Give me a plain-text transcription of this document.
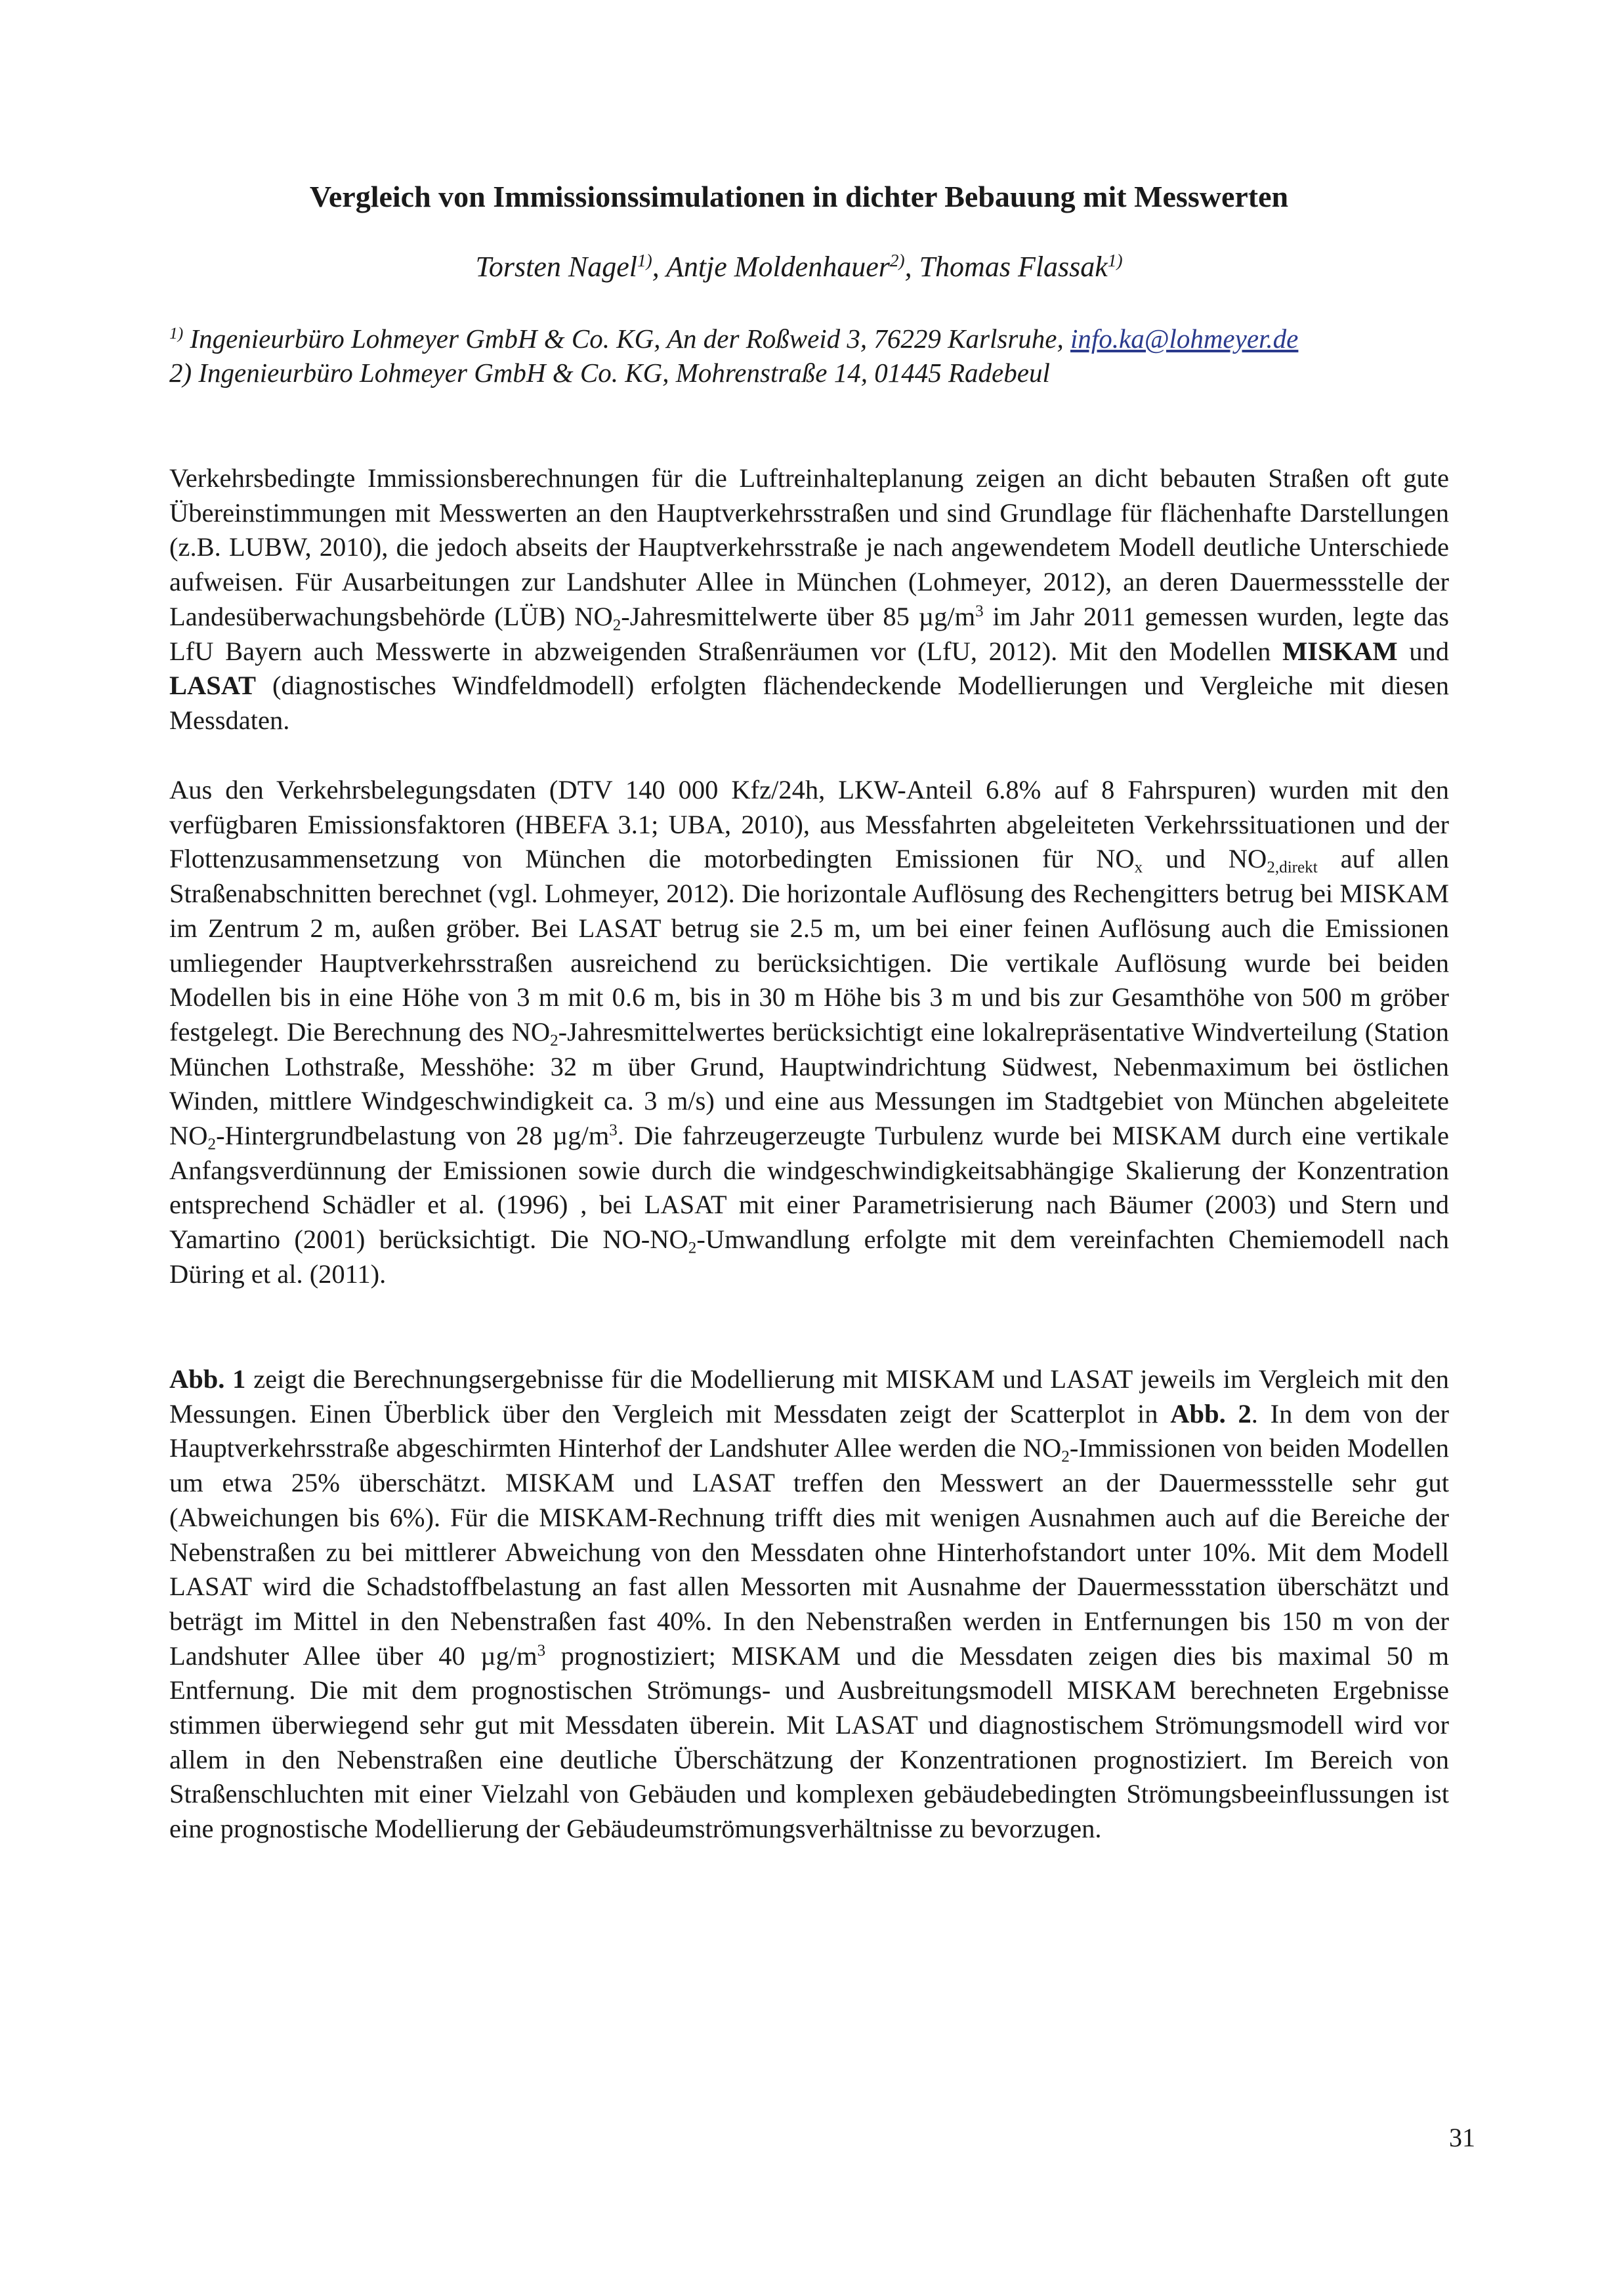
Vergleich von Immissionssimulationen in dichter Bebauung mit Messwerten
Torsten Nagel$^{1)}$, Antje Moldenhauer$^{2)}$, Thomas Flassak$^{1)}$
$^{1)}$ Ingenieurbüro Lohmeyer GmbH & Co. KG, An der Roßweid 3, 76229 Karlsruhe, info.ka@lohmeyer.de
2) Ingenieurbüro Lohmeyer GmbH & Co. KG, Mohrenstraße 14, 01445 Radebeul

Verkehrsbedingte Immissionsberechnungen für die Luftreinhalteplanung zeigen an dicht bebauten Straßen oft gute Übereinstimmungen mit Messwerten an den Hauptverkehrsstraßen und sind Grundlage für flächenhafte Darstellungen (z.B. LUBW, 2010), die jedoch abseits der Hauptverkehrsstraße je nach angewendetem Modell deutliche Unterschiede aufweisen. Für Ausarbeitungen zur Landshuter Allee in München (Lohmeyer, 2012), an deren Dauermessstelle der Landesüberwachungsbehörde (LÜB) $NO_2$-Jahresmittelwerte über 85 $\mu g/m^3$ im Jahr 2011 gemessen wurden, legte das LfU Bayern auch Messwerte in abzweigenden Straßenräumen vor (LfU, 2012). Mit den Modellen MISKAM und LASAT (diagnostisches Windfeldmodell) erfolgten flächendeckende Modellierungen und Vergleiche mit diesen Messdaten.

Aus den Verkehrsbelegungsdaten (DTV 140 000 Kfz/24h, LKW-Anteil 6.8% auf 8 Fahrspuren) wurden mit den verfügbaren Emissionsfaktoren (HBEFA 3.1; UBA, 2010), aus Messfahrten abgeleiteten Verkehrssituationen und der Flottenzusammensetzung von München die motorbedingten Emissionen für $NO_x$ und $NO_{2,direkt}$ auf allen Straßenabschnitten berechnet (vgl. Lohmeyer, 2012). Die horizontale Auflösung des Rechengitters betrug bei MISKAM im Zentrum 2 m, außen gröber. Bei LASAT betrug sie 2.5 m, um bei einer feinen Auflösung auch die Emissionen umliegender Hauptverkehrsstraßen ausreichend zu berücksichtigen. Die vertikale Auflösung wurde bei beiden Modellen bis in eine Höhe von 3 m mit 0.6 m, bis in 30 m Höhe bis 3 m und bis zur Gesamthöhe von 500 m gröber festgelegt. Die Berechnung des $NO_2$-Jahresmittelwertes berücksichtigt eine lokalrepräsentative Windverteilung (Station München Lothstraße, Messhöhe: 32 m über Grund, Hauptwindrichtung Südwest, Nebenmaximum bei östlichen Winden, mittlere Windgeschwindigkeit ca. 3 m/s) und eine aus Messungen im Stadtgebiet von München abgeleitete $NO_2$-Hintergrundbelastung von 28 $\mu g/m^3$. Die fahrzeugerzeugte Turbulenz wurde bei MISKAM durch eine vertikale Anfangsverdünnung der Emissionen sowie durch die windgeschwindigkeitsabhängige Skalierung der Konzentration entsprechend Schädler et al. (1996) , bei LASAT mit einer Parametrisierung nach Bäumer (2003) und Stern und Yamartino (2001) berücksichtigt. Die $NO-NO_2$-Umwandlung erfolgte mit dem vereinfachten Chemiemodell nach Düring et al. (2011).

Abb. 1 zeigt die Berechnungsergebnisse für die Modellierung mit MISKAM und LASAT jeweils im Vergleich mit den Messungen. Einen Überblick über den Vergleich mit Messdaten zeigt der Scatterplot in Abb. 2. In dem von der Hauptverkehrsstraße abgeschirmten Hinterhof der Landshuter Allee werden die $NO_2$-Immissionen von beiden Modellen um etwa 25% überschätzt. MISKAM und LASAT treffen den Messwert an der Dauermessstelle sehr gut (Abweichungen bis 6%). Für die MISKAM-Rechnung trifft dies mit wenigen Ausnahmen auch auf die Bereiche der Nebenstraßen zu bei mittlerer Abweichung von den Messdaten ohne Hinterhofstandort unter 10%. Mit dem Modell LASAT wird die Schadstoffbelastung an fast allen Messorten mit Ausnahme der Dauermessstation überschätzt und beträgt im Mittel in den Nebenstraßen fast 40%. In den Nebenstraßen werden in Entfernungen bis 150 m von der Landshuter Allee über 40 $\mu g/m^3$ prognostiziert; MISKAM und die Messdaten zeigen dies bis maximal 50 m Entfernung. Die mit dem prognostischen Strömungs- und Ausbreitungsmodell MISKAM berechneten Ergebnisse stimmen überwiegend sehr gut mit Messdaten überein. Mit LASAT und diagnostischem Strömungsmodell wird vor allem in den Nebenstraßen eine deutliche Überschätzung der Konzentrationen prognostiziert. Im Bereich von Straßenschluchten mit einer Vielzahl von Gebäuden und komplexen gebäudebedingten Strömungsbeeinflussungen ist eine prognostische Modellierung der Gebäudeumströmungsverhältnisse zu bevorzugen.

31
